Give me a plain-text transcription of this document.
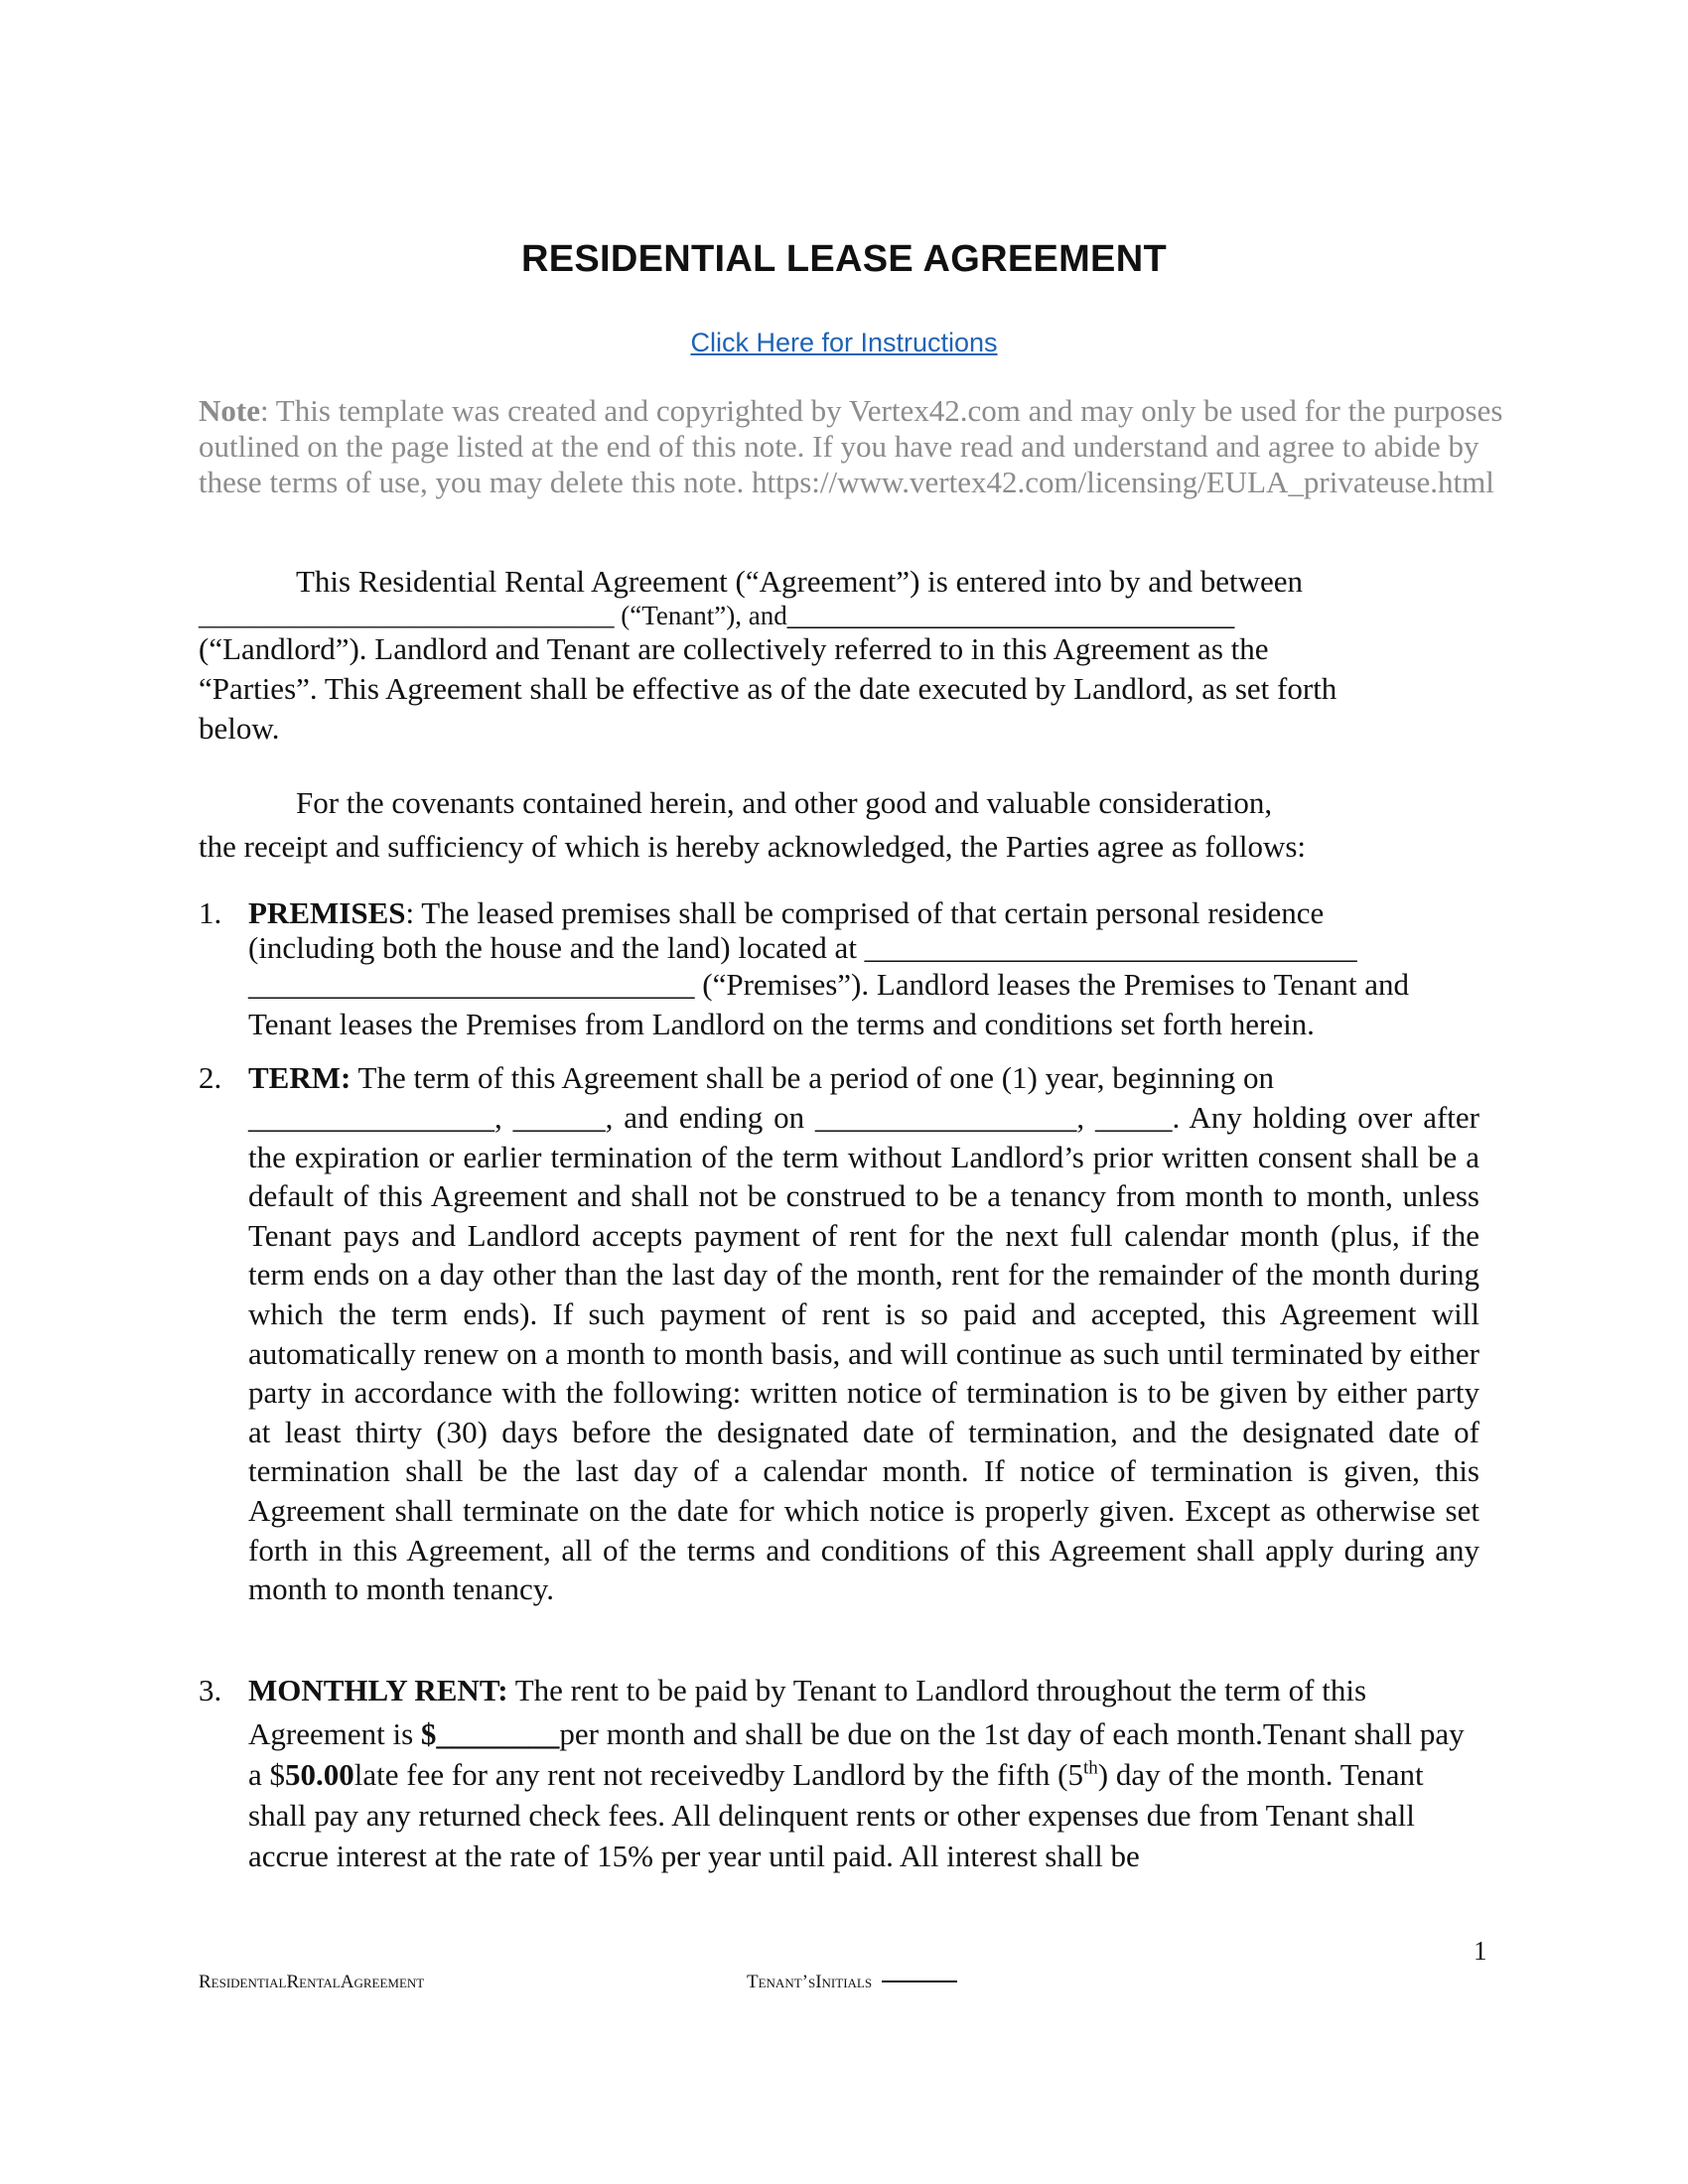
RESIDENTIAL LEASE AGREEMENT
Click Here for Instructions
Note: This template was created and copyrighted by Vertex42.com and may only be used for the purposes outlined on the page listed at the end of this note. If you have read and understand and agree to abide by these terms of use, you may delete this note. https://www.vertex42.com/licensing/EULA_privateuse.html
This Residential Rental Agreement (“Agreement”) is entered into by and between
_______________________________ (“Tenant”), and______________________________
(“Landlord”). Landlord and Tenant are collectively referred to in this Agreement as the
“Parties”. This Agreement shall be effective as of the date executed by Landlord, as set forth
below.
For the covenants contained herein, and other good and valuable consideration,
the receipt and sufficiency of which is hereby acknowledged, the Parties agree as follows:
1. PREMISES: The leased premises shall be comprised of that certain personal residence
(including both the house and the land) located at ________________________________
_____________________________ (“Premises”). Landlord leases the Premises to Tenant and
Tenant leases the Premises from Landlord on the terms and conditions set forth herein.
2. TERM: The term of this Agreement shall be a period of one (1) year, beginning on
________________, ______, and ending on _________________, _____. Any holding over after the expiration or earlier termination of the term without Landlord’s prior written consent shall be a default of this Agreement and shall not be construed to be a tenancy from month to month, unless Tenant pays and Landlord accepts payment of rent for the next full calendar month (plus, if the term ends on a day other than the last day of the month, rent for the remainder of the month during which the term ends). If such payment of rent is so paid and accepted, this Agreement will automatically renew on a month to month basis, and will continue as such until terminated by either party in accordance with the following: written notice of termination is to be given by either party at least thirty (30) days before the designated date of termination, and the designated date of termination shall be the last day of a calendar month. If notice of termination is given, this Agreement shall terminate on the date for which notice is properly given. Except as otherwise set forth in this Agreement, all of the terms and conditions of this Agreement shall apply during any month to month tenancy.
3. MONTHLY RENT: The rent to be paid by Tenant to Landlord throughout the term of this
Agreement is $________per month and shall be due on the 1st day of each month.Tenant shall pay a $50.00late fee for any rent not receivedby Landlord by the fifth (5th) day of the month. Tenant shall pay any returned check fees. All delinquent rents or other expenses due from Tenant shall accrue interest at the rate of 15% per year until paid. All interest shall be
1
ResidentialRentalAgreement	Tenant’sInitials
